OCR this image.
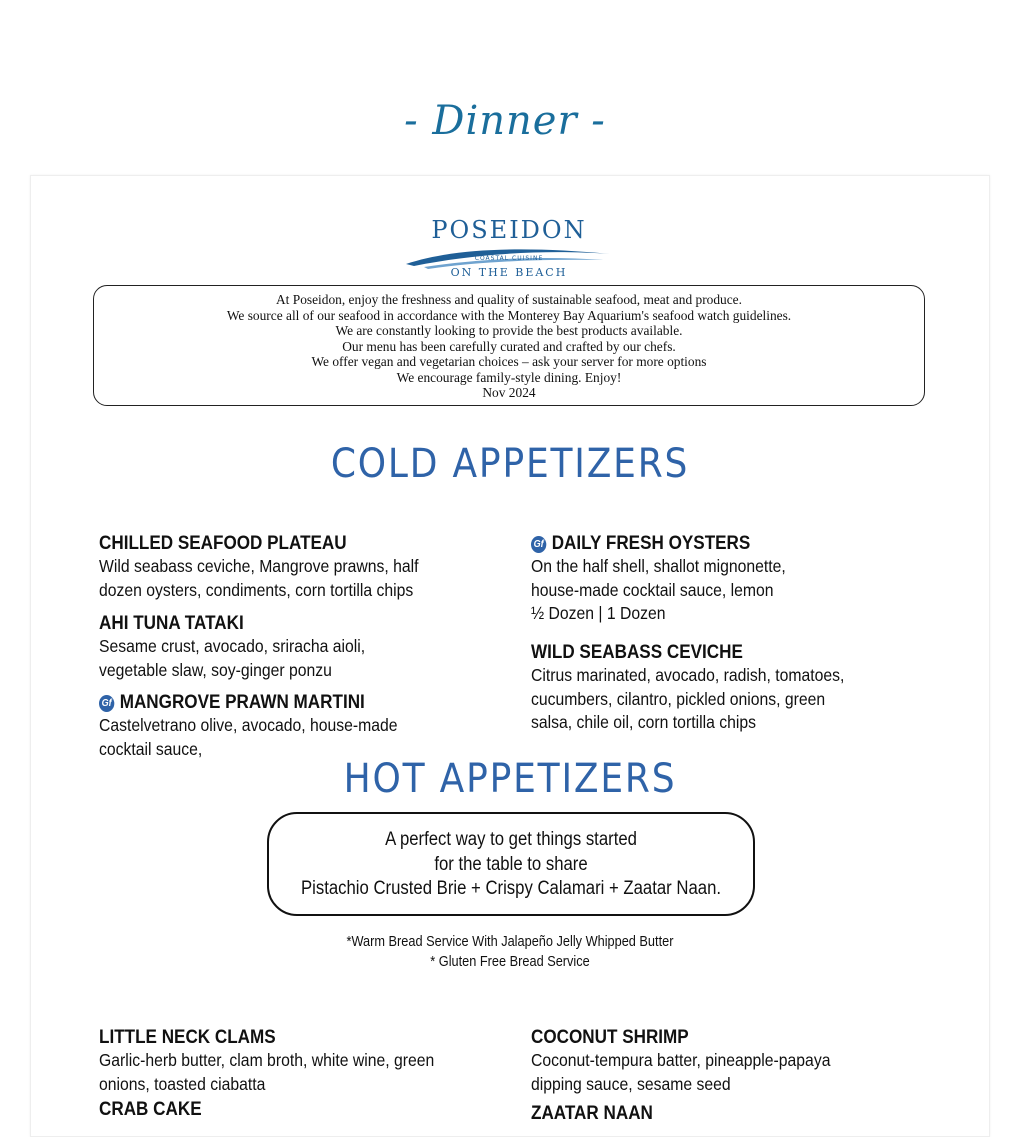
- Dinner -
POSEIDON
COASTAL CUISINE
ON THE BEACH
At Poseidon, enjoy the freshness and quality of sustainable seafood, meat and produce.
We source all of our seafood in accordance with the Monterey Bay Aquarium's seafood watch guidelines.
We are constantly looking to provide the best products available.
Our menu has been carefully curated and crafted by our chefs.
We offer vegan and vegetarian choices – ask your server for more options
We encourage family-style dining. Enjoy!
Nov 2024
COLD APPETIZERS
CHILLED SEAFOOD PLATEAU
Wild seabass ceviche, Mangrove prawns, half
dozen oysters, condiments, corn tortilla chips
AHI TUNA TATAKI
Sesame crust, avocado, sriracha aioli,
vegetable slaw, soy-ginger ponzu
Gf MANGROVE PRAWN MARTINI
Castelvetrano olive, avocado, house-made
cocktail sauce,
Gf DAILY FRESH OYSTERS
On the half shell, shallot mignonette,
house-made cocktail sauce, lemon
½ Dozen | 1 Dozen
WILD SEABASS CEVICHE
Citrus marinated, avocado, radish, tomatoes,
cucumbers, cilantro, pickled onions, green
salsa, chile oil, corn tortilla chips
HOT APPETIZERS
A perfect way to get things started
for the table to share
Pistachio Crusted Brie + Crispy Calamari + Zaatar Naan.
*Warm Bread Service With Jalapeño Jelly Whipped Butter
* Gluten Free Bread Service
LITTLE NECK CLAMS
Garlic-herb butter, clam broth, white wine, green
onions, toasted ciabatta
CRAB CAKE
COCONUT SHRIMP
Coconut-tempura batter, pineapple-papaya
dipping sauce, sesame seed
ZAATAR NAAN
